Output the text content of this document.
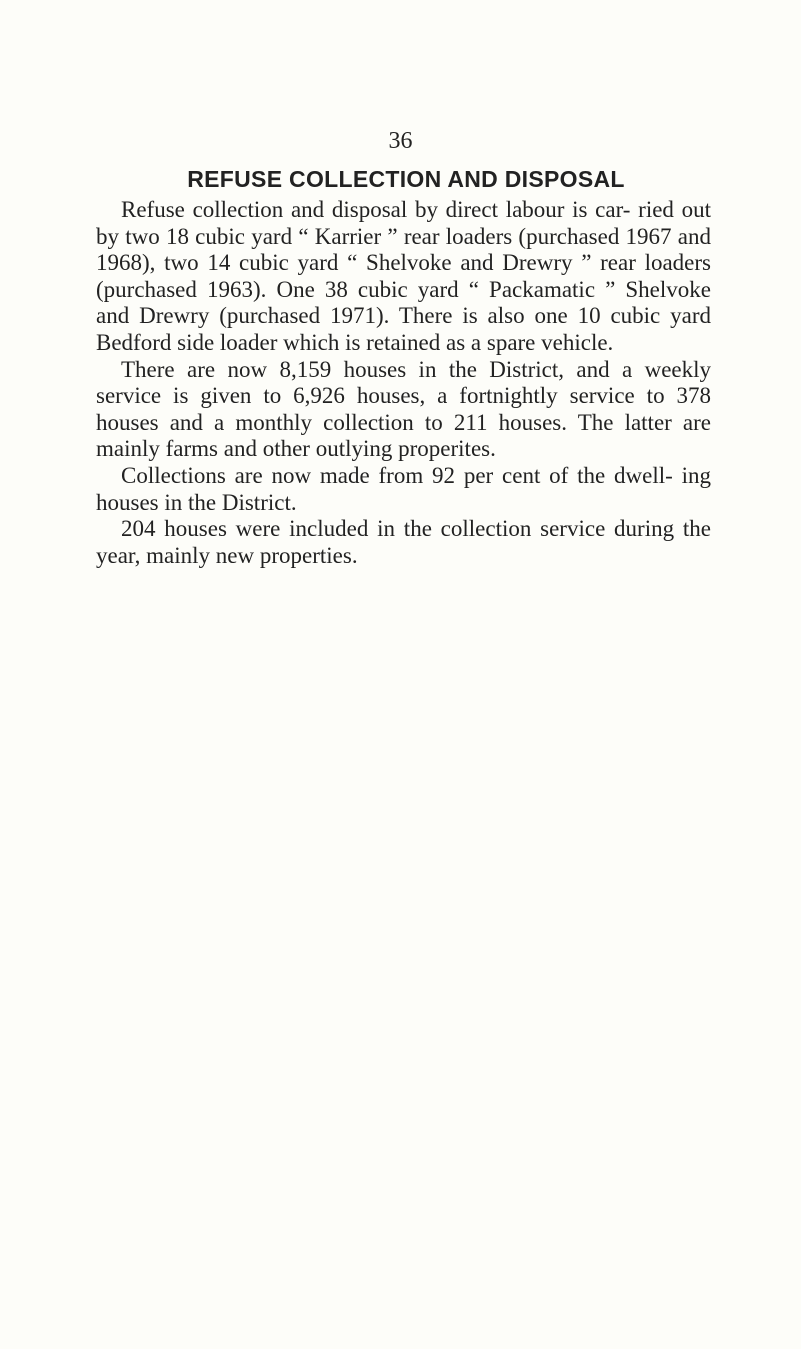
36
REFUSE COLLECTION AND DISPOSAL

Refuse collection and disposal by direct labour is car- ried out by two 18 cubic yard “ Karrier ” rear loaders (purchased 1967 and 1968), two 14 cubic yard “ Shelvoke and Drewry ” rear loaders (purchased 1963). One 38 cubic yard “ Packamatic ” Shelvoke and Drewry (purchased 1971). There is also one 10 cubic yard Bedford side loader which is retained as a spare vehicle.

There are now 8,159 houses in the District, and a weekly service is given to 6,926 houses, a fortnightly service to 378 houses and a monthly collection to 211 houses. The latter are mainly farms and other outlying properites.

Collections are now made from 92 per cent of the dwell- ing houses in the District.

204 houses were included in the collection service during the year, mainly new properties.
